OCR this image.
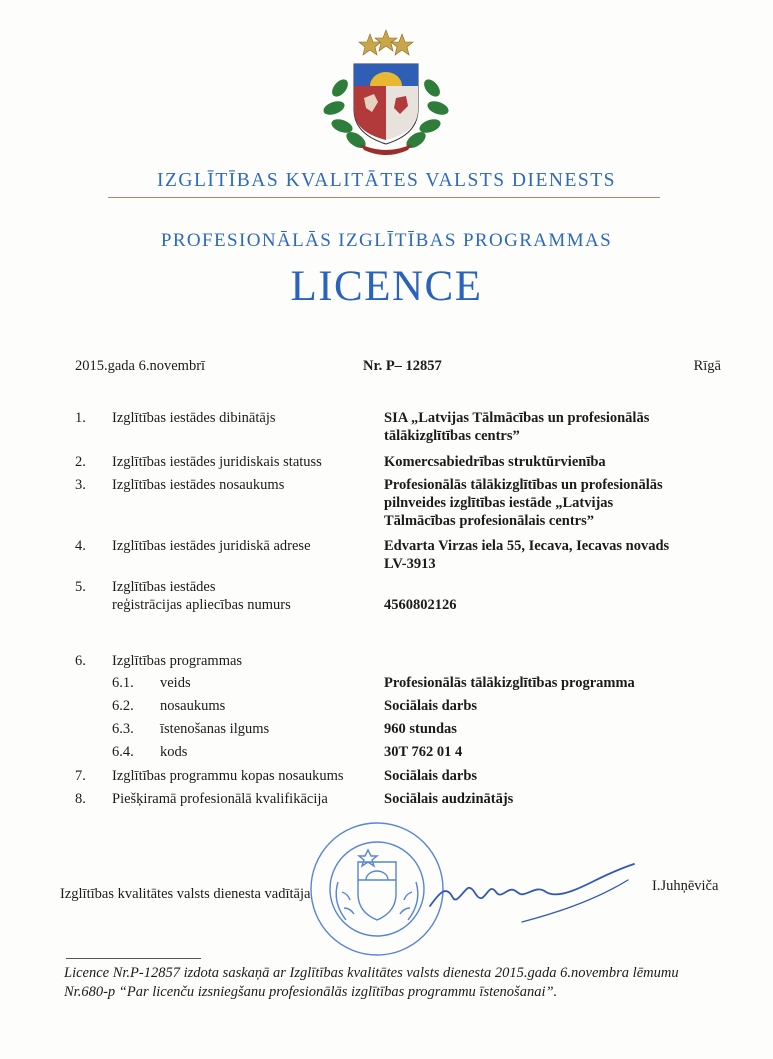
IZGLĪTĪBAS KVALITĀTES VALSTS DIENESTS
PROFESIONĀLĀS IZGLĪTĪBAS PROGRAMMAS
LICENCE
2015.gada 6.novembrī	Nr. P– 12857	Rīgā
1. Izglītības iestādes dibinātājs	SIA „Latvijas Tālmācības un profesionālās
tālākizglītības centrs”
2. Izglītības iestādes juridiskais statuss	Komercsabiedrības struktūrvienība
3. Izglītības iestādes nosaukums	Profesionālās tālākizglītības un profesionālās
pilnveides izglītības iestāde „Latvijas
Tālmācības profesionālais centrs”
4. Izglītības iestādes juridiskā adrese	Edvarta Virzas iela 55, Iecava, Iecavas novads
LV-3913
5. Izglītības iestādes
reģistrācijas apliecības numurs	4560802126
6. Izglītības programmas
6.1. veids	Profesionālās tālākizglītības programma
6.2. nosaukums	Sociālais darbs
6.3. īstenošanas ilgums	960 stundas
6.4. kods	30T 762 01 4
7. Izglītības programmu kopas nosaukums	Sociālais darbs
8. Piešķiramā profesionālā kvalifikācija	Sociālais audzinātājs
Izglītības kvalitātes valsts dienesta vadītāja	I.Juhņēviča
Licence Nr.P-12857 izdota saskaņā ar Izglītības kvalitātes valsts dienesta 2015.gada 6.novembra lēmumu
Nr.680-p “Par licenču izsniegšanu profesionālās izglītības programmu īstenošanai”.
